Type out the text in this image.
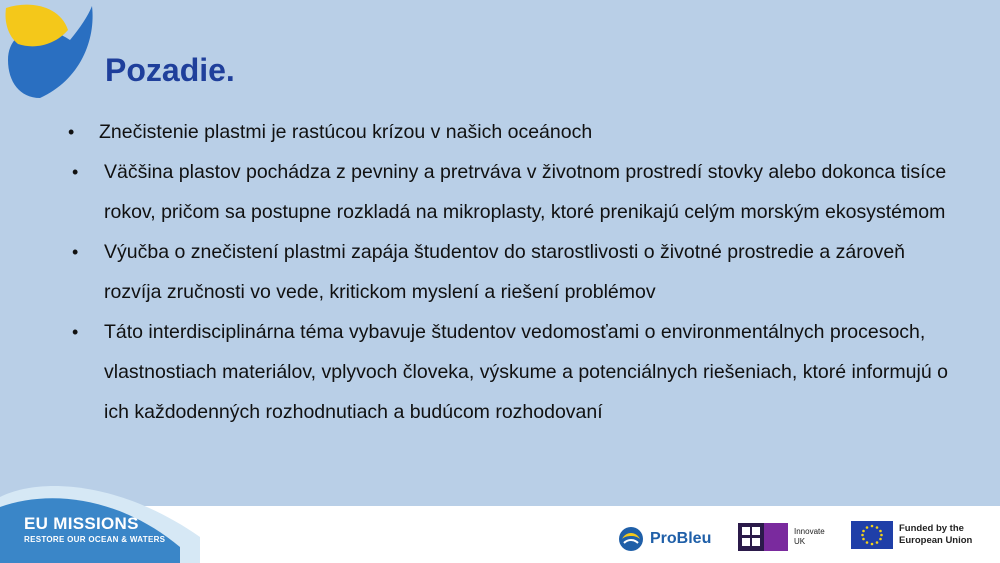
Pozadie.
•	Znečistenie plastmi je rastúcou krízou v našich oceánoch
•	Väčšina plastov pochádza z pevniny a pretrváva v životnom prostredí stovky alebo dokonca tisíce rokov, pričom sa postupne rozkladá na mikroplasty, ktoré prenikajú celým morským ekosystémom
•	Výučba o znečistení plastmi zapája študentov do starostlivosti o životné prostredie a zároveň rozvíja zručnosti vo vede, kritickom myslení a riešení problémov
•	Táto interdisciplinárna téma vybavuje študentov vedomosťami o environmentálnych procesoch, vlastnostiach materiálov, vplyvoch človeka, výskume a potenciálnych riešeniach, ktoré informujú o ich každodenných rozhodnutiach a budúcom rozhodovaní
EU MISSIONS
RESTORE OUR OCEAN & WATERS	ProBleu	Innovate UK
Funded by the European Union
